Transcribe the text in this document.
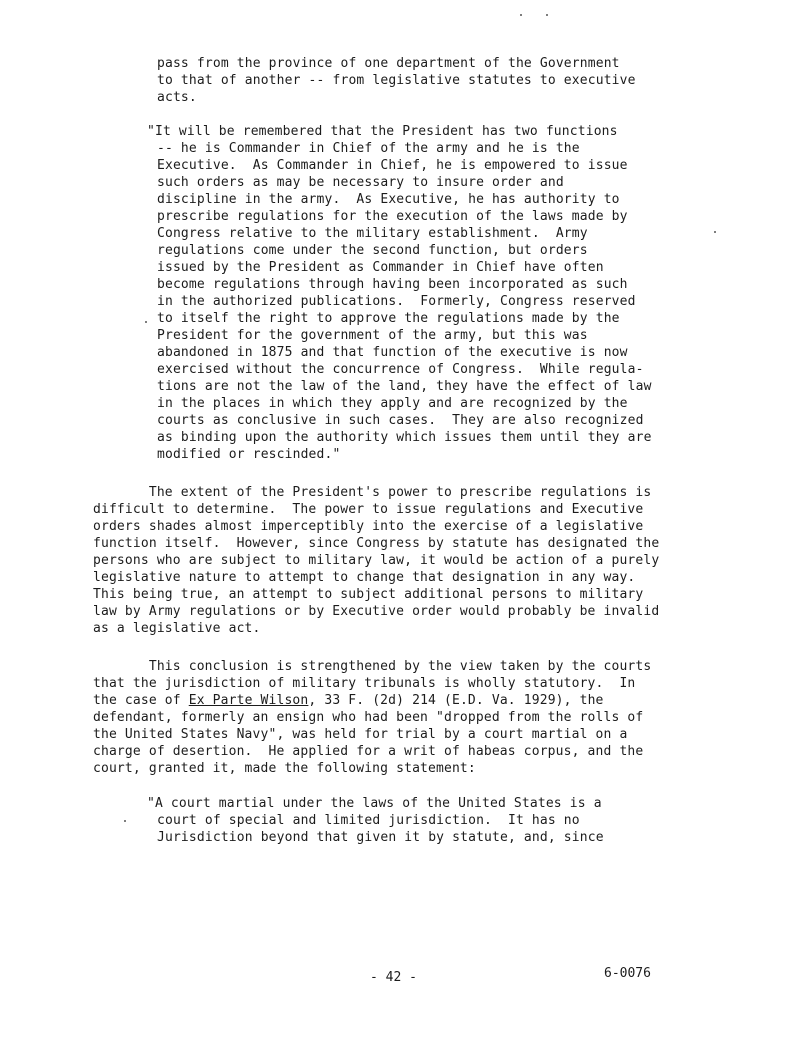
pass from the province of one department of the Government
to that of another -- from legislative statutes to executive
acts.
"It will be remembered that the President has two functions
-- he is Commander in Chief of the army and he is the
Executive.  As Commander in Chief, he is empowered to issue
such orders as may be necessary to insure order and
discipline in the army.  As Executive, he has authority to
prescribe regulations for the execution of the laws made by
Congress relative to the military establishment.  Army
regulations come under the second function, but orders
issued by the President as Commander in Chief have often
become regulations through having been incorporated as such
in the authorized publications.  Formerly, Congress reserved
to itself the right to approve the regulations made by the
President for the government of the army, but this was
abandoned in 1875 and that function of the executive is now
exercised without the concurrence of Congress.  While regula-
tions are not the law of the land, they have the effect of law
in the places in which they apply and are recognized by the
courts as conclusive in such cases.  They are also recognized
as binding upon the authority which issues them until they are
modified or rescinded."
The extent of the President's power to prescribe regulations is
difficult to determine.  The power to issue regulations and Executive
orders shades almost imperceptibly into the exercise of a legislative
function itself.  However, since Congress by statute has designated the
persons who are subject to military law, it would be action of a purely
legislative nature to attempt to change that designation in any way.
This being true, an attempt to subject additional persons to military
law by Army regulations or by Executive order would probably be invalid
as a legislative act.
This conclusion is strengthened by the view taken by the courts
that the jurisdiction of military tribunals is wholly statutory.  In
the case of Ex Parte Wilson, 33 F. (2d) 214 (E.D. Va. 1929), the
defendant, formerly an ensign who had been "dropped from the rolls of
the United States Navy", was held for trial by a court martial on a
charge of desertion.  He applied for a writ of habeas corpus, and the
court, granted it, made the following statement:
"A court martial under the laws of the United States is a
court of special and limited jurisdiction.  It has no
Jurisdiction beyond that given it by statute, and, since
- 42 -	6-0076
